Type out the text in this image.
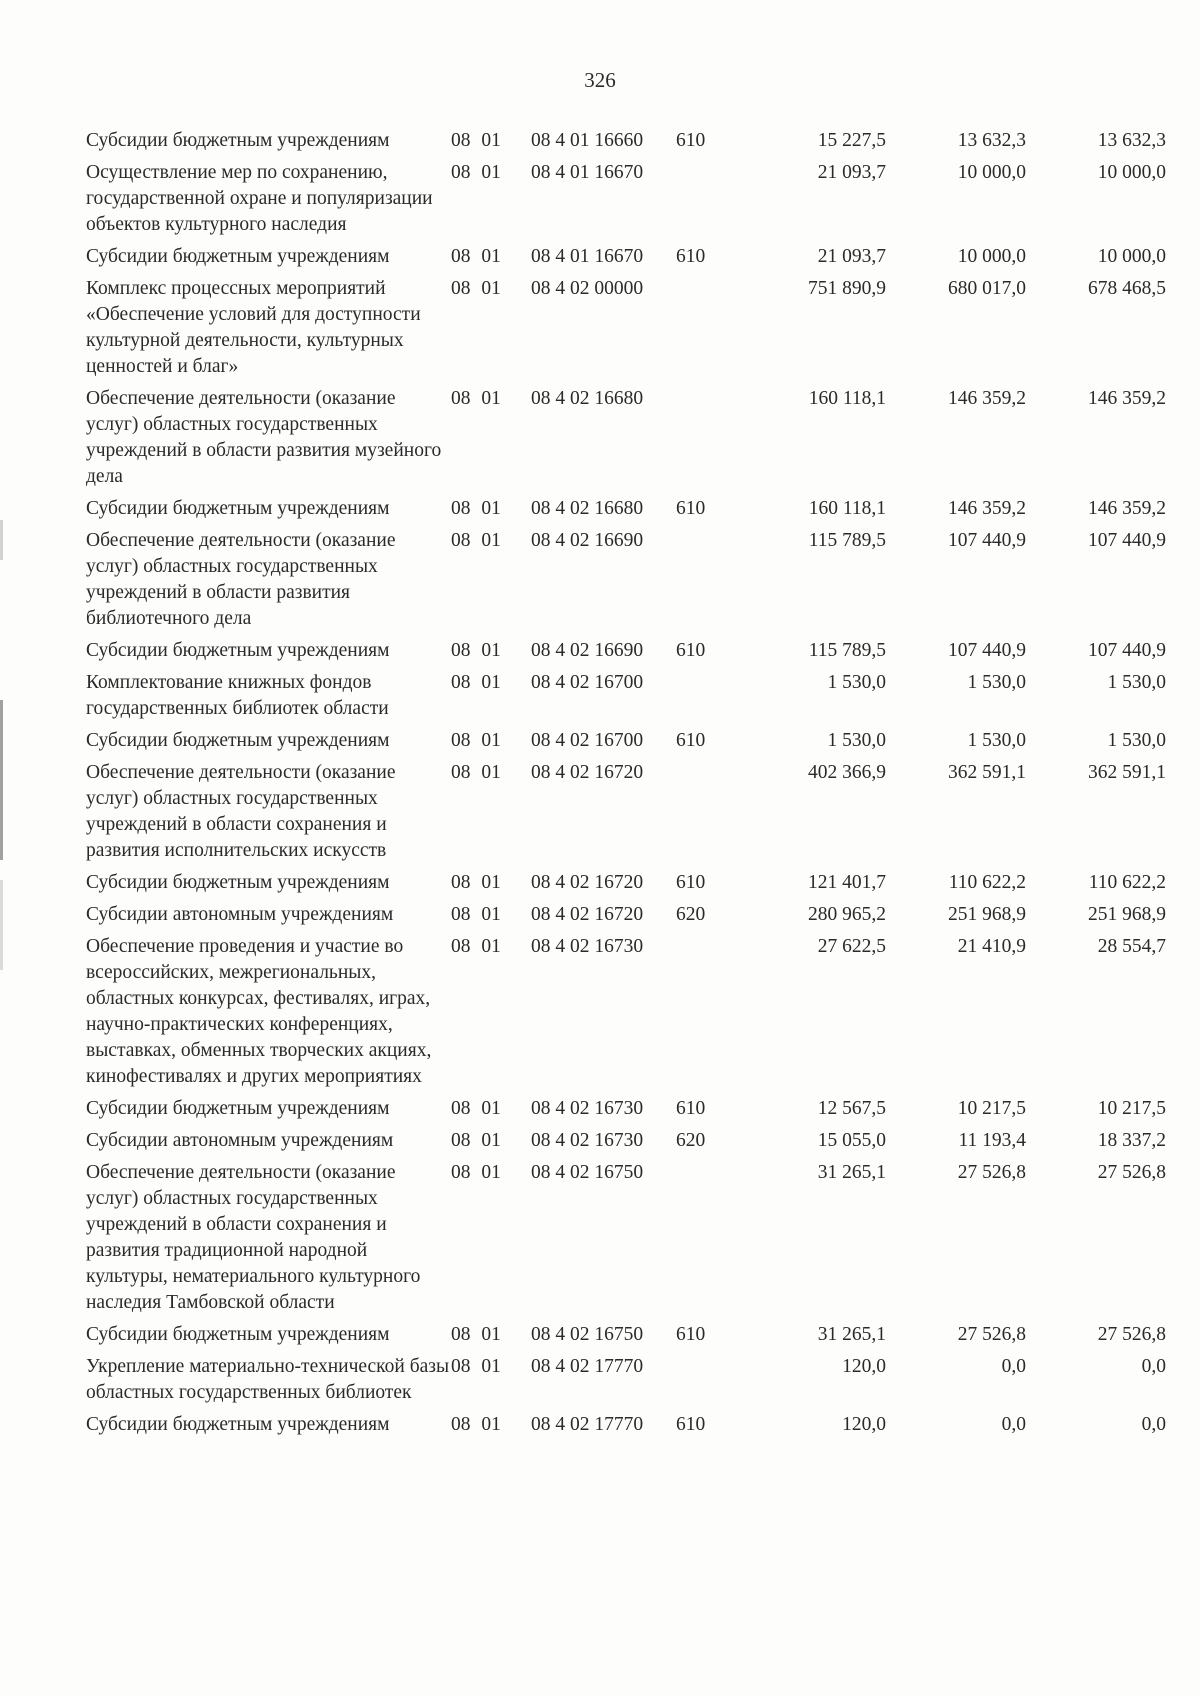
326
Субсидии бюджетным учреждениям	08 01	08 4 01 16660	610	15 227,5	13 632,3	13 632,3
Осуществление мер по сохранению, государственной охране и популяризации объектов культурного наследия	08 01	08 4 01 16670		21 093,7	10 000,0	10 000,0
Субсидии бюджетным учреждениям	08 01	08 4 01 16670	610	21 093,7	10 000,0	10 000,0
Комплекс процессных мероприятий «Обеспечение условий для доступности культурной деятельности, культурных ценностей и благ»	08 01	08 4 02 00000		751 890,9	680 017,0	678 468,5
Обеспечение деятельности (оказание услуг) областных государственных учреждений в области развития музейного дела	08 01	08 4 02 16680		160 118,1	146 359,2	146 359,2
Субсидии бюджетным учреждениям	08 01	08 4 02 16680	610	160 118,1	146 359,2	146 359,2
Обеспечение деятельности (оказание услуг) областных государственных учреждений в области развития библиотечного дела	08 01	08 4 02 16690		115 789,5	107 440,9	107 440,9
Субсидии бюджетным учреждениям	08 01	08 4 02 16690	610	115 789,5	107 440,9	107 440,9
Комплектование книжных фондов государственных библиотек области	08 01	08 4 02 16700		1 530,0	1 530,0	1 530,0
Субсидии бюджетным учреждениям	08 01	08 4 02 16700	610	1 530,0	1 530,0	1 530,0
Обеспечение деятельности (оказание услуг) областных государственных учреждений в области сохранения и развития исполнительских искусств	08 01	08 4 02 16720		402 366,9	362 591,1	362 591,1
Субсидии бюджетным учреждениям	08 01	08 4 02 16720	610	121 401,7	110 622,2	110 622,2
Субсидии автономным учреждениям	08 01	08 4 02 16720	620	280 965,2	251 968,9	251 968,9
Обеспечение проведения и участие во всероссийских, межрегиональных, областных конкурсах, фестивалях, играх, научно-практических конференциях, выставках, обменных творческих акциях, кинофестивалях и других мероприятиях	08 01	08 4 02 16730		27 622,5	21 410,9	28 554,7
Субсидии бюджетным учреждениям	08 01	08 4 02 16730	610	12 567,5	10 217,5	10 217,5
Субсидии автономным учреждениям	08 01	08 4 02 16730	620	15 055,0	11 193,4	18 337,2
Обеспечение деятельности (оказание услуг) областных государственных учреждений в области сохранения и развития традиционной народной культуры, нематериального культурного наследия Тамбовской области	08 01	08 4 02 16750		31 265,1	27 526,8	27 526,8
Субсидии бюджетным учреждениям	08 01	08 4 02 16750	610	31 265,1	27 526,8	27 526,8
Укрепление материально-технической базы областных государственных библиотек	08 01	08 4 02 17770		120,0	0,0	0,0
Субсидии бюджетным учреждениям	08 01	08 4 02 17770	610	120,0	0,0	0,0
